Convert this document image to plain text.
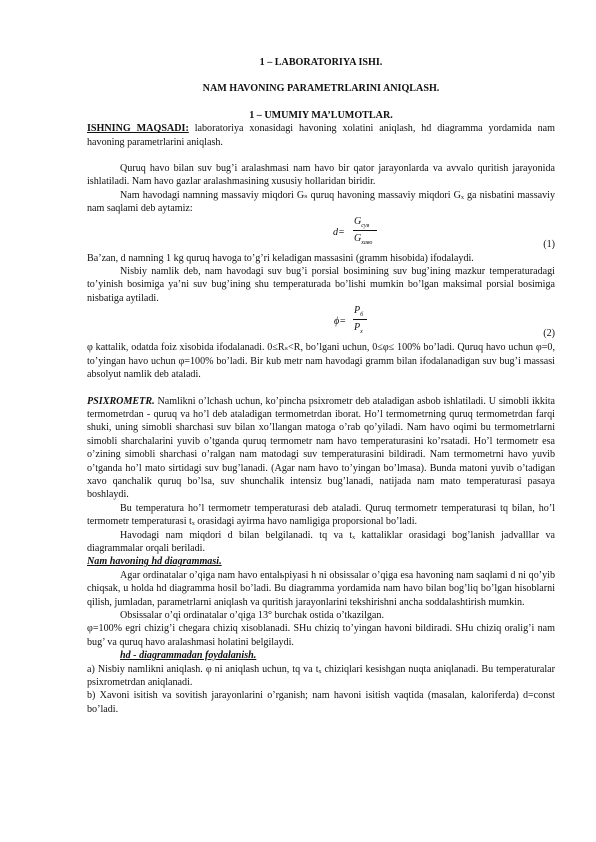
1 – LABORATORIYA ISHI.
NAM HAVONING PARAMETRLARINI ANIQLASH.
1 – UMUMIY MA’LUMOTLAR.

ISHNING MAQSADI: laboratoriya xonasidagi havoning xolatini aniqlash, hd diagramma yordamida nam havoning parametrlarini aniqlash.

Quruq havo bilan suv bug’i aralashmasi nam havo bir qator jarayonlarda va avvalo quritish jarayonida ishlatiladi. Nam havo gazlar aralashmasining xususiy hollaridan biridir.

Nam havodagi namning massaviy miqdori Gₛ quruq havoning massaviy miqdori Gₓ ga nisbatini massaviy nam saqlami deb aytamiz:

d=
$G_{сув}$
$G_{хаво}$	(1)

Ba’zan, d namning 1 kg quruq havoga to’g’ri keladigan massasini (gramm hisobida) ifodalaydi.

Nisbiy namlik deb, nam havodagi suv bug’i porsial bosimining suv bug’ining mazkur temperaturadagi to’yinish bosimiga ya’ni suv bug’ining shu temperaturada bo’lishi mumkin bo’lgan maksimal porsial bosimiga nisbatiga aytiladi.

ϕ=
$P_б$
$P_x$	(2)

φ kattalik, odatda foiz xisobida ifodalanadi. 0≤Rₛ<R, bo’lgani uchun, 0≤φ≤ 100% bo’ladi. Quruq havo uchun φ=0, to’yingan havo uchun φ=100% bo’ladi. Bir kub metr nam havodagi gramm bilan ifodalanadigan suv bug’i massasi absolyut namlik deb ataladi.

PSIXROMETR. Namlikni o’lchash uchun, ko’pincha psixrometr deb ataladigan asbob ishlatiladi. U simobli ikkita termometrdan - quruq va ho’l deb ataladigan termometrdan iborat. Ho’l termometrning quruq termometrdan farqi shuki, uning simobli sharchasi suv bilan xo’llangan matoga o’rab qo’yiladi. Nam havo oqimi bu termometrlarni simobli sharchalarini yuvib o’tganda quruq termometr nam havo temperaturasini ko’rsatadi. Ho’l termometr esa o’zining simobli sharchasi o’ralgan nam matodagi suv temperaturasini bildiradi. Nam termometrni havo yuvib o’tganda ho’l mato sirtidagi suv bug’lanadi. (Agar nam havo to’yingan bo’lmasa). Bunda matoni yuvib o’tadigan xavo qanchalik quruq bo’lsa, suv shunchalik intensiz bug’lanadi, natijada nam mato temperaturasi pasaya boshlaydi.

Bu temperatura ho’l termometr temperaturasi deb ataladi. Quruq termometr temperaturasi tq bilan, ho’l termometr temperaturasi tₓ orasidagi ayirma havo namligiga proporsional bo’ladi.

Havodagi nam miqdori d bilan belgilanadi. tq va tₓ kattaliklar orasidagi bog’lanish jadvalllar va diagrammalar orqali beriladi.

Nam havoning hd diagrammasi.

Agar ordinatalar o’qiga nam havo entalьpiyasi h ni obsissalar o’qiga esa havoning nam saqlami d ni qo’yib chiqsak, u holda hd diagramma hosil bo’ladi. Bu diagramma yordamida nam havo bilan bog’liq bo’lgan hisoblarni qilish, jumladan, parametrlarni aniqlash va quritish jarayonlarini tekshirishni ancha soddalashtirish mumkin.

Obsissalar o’qi ordinatalar o’qiga 13° burchak ostida o’tkazilgan.

φ=100% egri chizig’i chegara chiziq xisoblanadi. SHu chiziq to’yingan havoni bildiradi. SHu chiziq oralig’i nam bug’ va quruq havo aralashmasi holatini belgilaydi.

hd - diagrammadan foydalanish.

a) Nisbiy namlikni aniqlash. φ ni aniqlash uchun, tq va tₓ chiziqlari kesishgan nuqta aniqlanadi. Bu temperaturalar psixrometrdan aniqlanadi.

b) Xavoni isitish va sovitish jarayonlarini o’rganish; nam havoni isitish vaqtida (masalan, kaloriferda) d=const bo’ladi.
